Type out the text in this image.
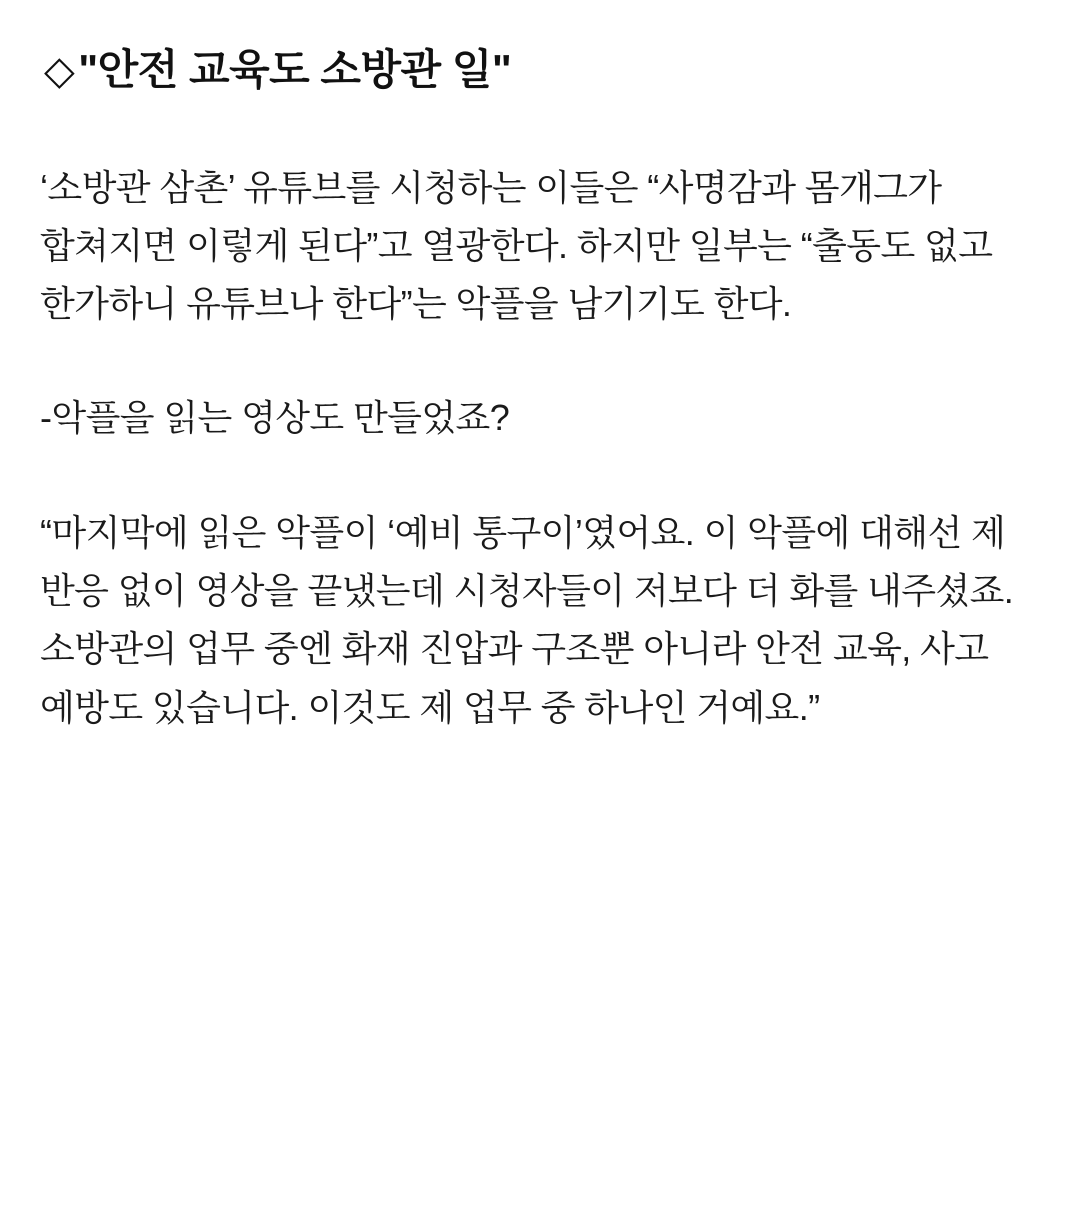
◇ "안전 교육도 소방관 일"

‘소방관 삼촌’ 유튜브를 시청하는 이들은 “사명감과 몸개그가 합쳐지면 이렇게 된다”고 열광한다. 하지만 일부는 “출동도 없고 한가하니 유튜브나 한다”는 악플을 남기기도 한다.

-악플을 읽는 영상도 만들었죠?

“마지막에 읽은 악플이 ‘예비 통구이’였어요. 이 악플에 대해선 제 반응 없이 영상을 끝냈는데 시청자들이 저보다 더 화를 내주셨죠. 소방관의 업무 중엔 화재 진압과 구조뿐 아니라 안전 교육, 사고 예방도 있습니다. 이것도 제 업무 중 하나인 거예요.”
